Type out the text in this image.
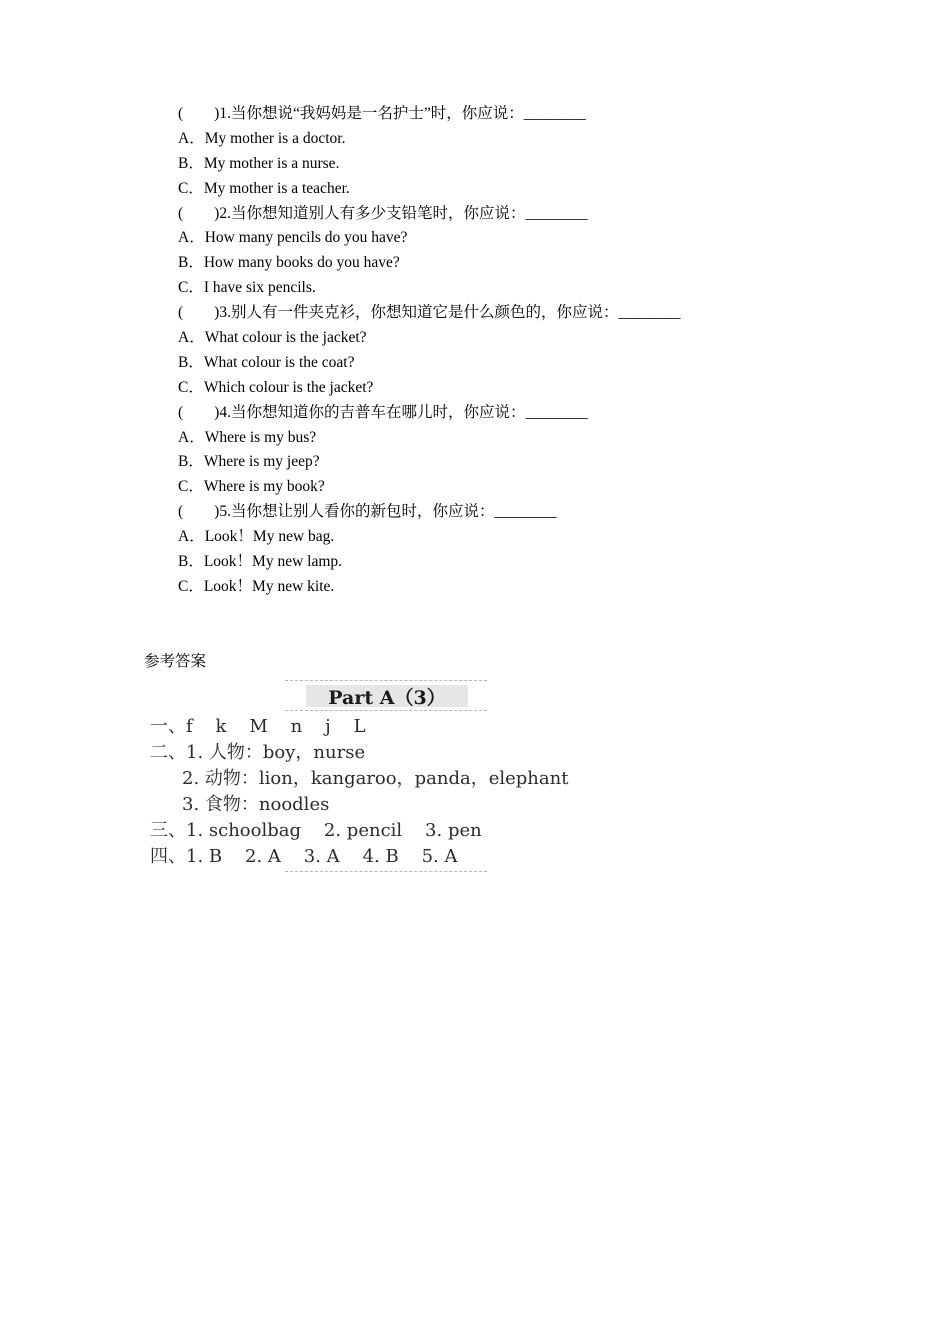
(        )1.当你想说“我妈妈是一名护士”时，你应说：________
A．My mother is a doctor.
B．My mother is a nurse.
C．My mother is a teacher.
(        )2.当你想知道别人有多少支铅笔时，你应说：________
A．How many pencils do you have?
B．How many books do you have?
C．I have six pencils.
(        )3.别人有一件夹克衫，你想知道它是什么颜色的，你应说：________
A．What colour is the jacket?
B．What colour is the coat?
C．Which colour is the jacket?
(        )4.当你想知道你的吉普车在哪儿时，你应说：________
A．Where is my bus?
B．Where is my jeep?
C．Where is my book?
(        )5.当你想让别人看你的新包时，你应说：________
A．Look！My new bag.
B．Look！My new lamp.
C．Look！My new kite.
参考答案
Part A（3）
一、f    k    M    n    j    L
二、1. 人物：boy，nurse
2. 动物：lion，kangaroo，panda，elephant
3. 食物：noodles
三、1. schoolbag    2. pencil    3. pen
四、1. B    2. A    3. A    4. B    5. A
